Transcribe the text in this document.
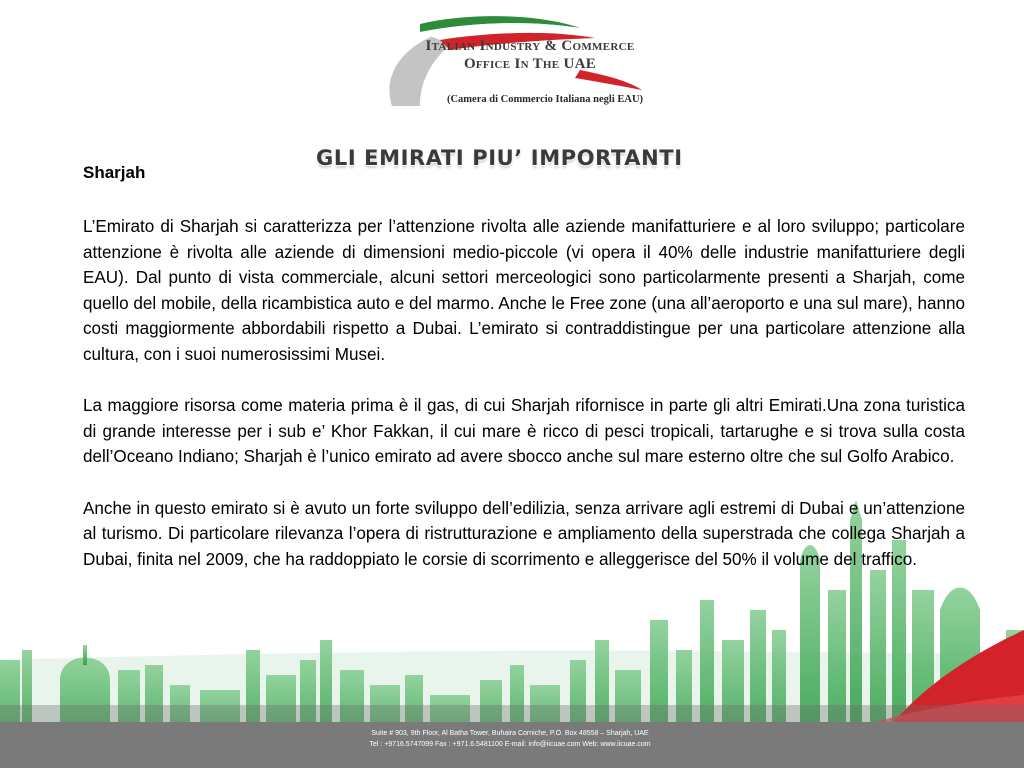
Italian Industry & Commerce
Office In The UAE
(Camera di Commercio Italiana negli EAU)
GLI EMIRATI PIU’ IMPORTANTI
Sharjah

L’Emirato di Sharjah si caratterizza per l’attenzione rivolta alle aziende manifatturiere e al loro sviluppo; particolare attenzione è rivolta alle aziende di dimensioni medio-piccole (vi opera il 40% delle industrie manifatturiere degli EAU). Dal punto di vista commerciale, alcuni settori merceologici sono particolarmente presenti a Sharjah, come quello del mobile, della ricambistica auto e del marmo. Anche le Free zone (una all’aeroporto e una sul mare), hanno costi maggiormente abbordabili rispetto a Dubai. L’emirato si contraddistingue per una particolare attenzione alla cultura, con i suoi numerosissimi Musei.

La maggiore risorsa come materia prima è il gas, di cui Sharjah rifornisce in parte gli altri Emirati.Una zona turistica di grande interesse per i sub e’ Khor Fakkan, il cui mare è ricco di pesci tropicali, tartarughe e si trova sulla costa dell’Oceano Indiano; Sharjah è l’unico emirato ad avere sbocco anche sul mare esterno oltre che sul Golfo Arabico.

Anche in questo emirato si è avuto un forte sviluppo dell’edilizia, senza arrivare agli estremi di Dubai e un’attenzione al turismo. Di particolare rilevanza l’opera di ristrutturazione e ampliamento della superstrada che collega Sharjah a Dubai, finita nel 2009, che ha raddoppiato le corsie di scorrimento e alleggerisce del 50% il volume del traffico.

Suite # 903, 9th Floor, Al Batha Tower, Buhaira Corniche, P.O. Box 48558 – Sharjah, UAE
Tel : +9716.5747099 Fax : +971.6.5481100 E-mail: info@iicuae.com Web: www.iicuae.com
